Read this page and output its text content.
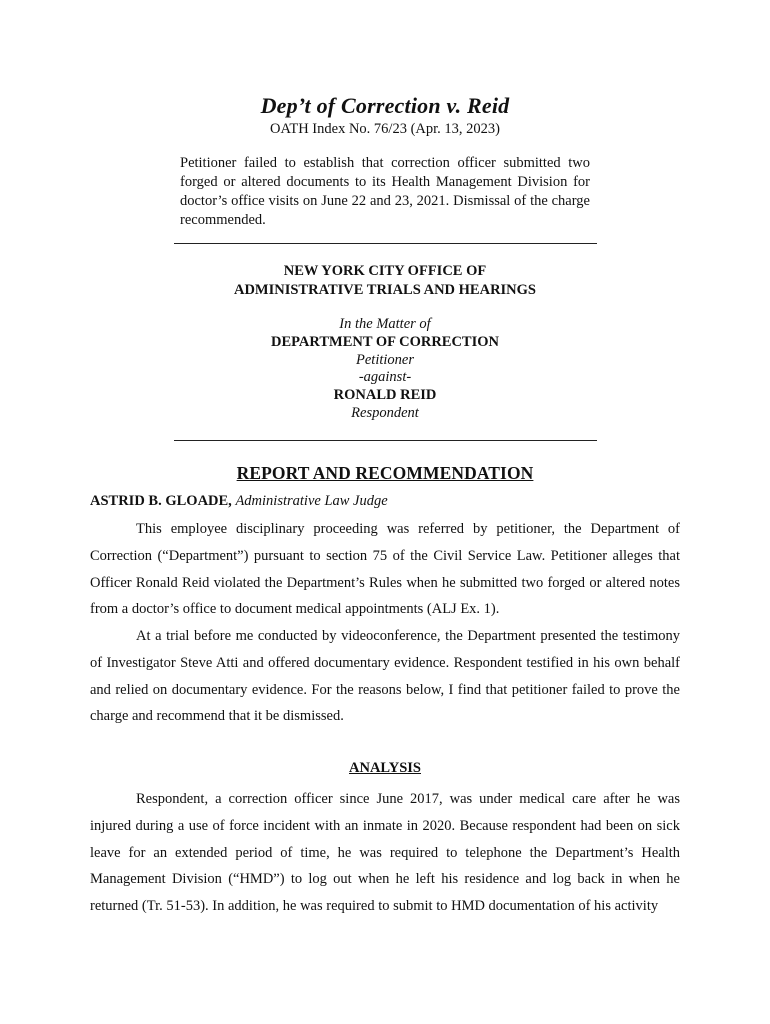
Dep’t of Correction v. Reid
OATH Index No. 76/23 (Apr. 13, 2023)
Petitioner failed to establish that correction officer submitted two forged or altered documents to its Health Management Division for doctor’s office visits on June 22 and 23, 2021. Dismissal of the charge recommended.
NEW YORK CITY OFFICE OF
ADMINISTRATIVE TRIALS AND HEARINGS
In the Matter of
DEPARTMENT OF CORRECTION
Petitioner
-against-
RONALD REID
Respondent
REPORT AND RECOMMENDATION
ASTRID B. GLOADE, Administrative Law Judge

This employee disciplinary proceeding was referred by petitioner, the Department of Correction (“Department”) pursuant to section 75 of the Civil Service Law. Petitioner alleges that Officer Ronald Reid violated the Department’s Rules when he submitted two forged or altered notes from a doctor’s office to document medical appointments (ALJ Ex. 1).

At a trial before me conducted by videoconference, the Department presented the testimony of Investigator Steve Atti and offered documentary evidence. Respondent testified in his own behalf and relied on documentary evidence. For the reasons below, I find that petitioner failed to prove the charge and recommend that it be dismissed.

ANALYSIS

Respondent, a correction officer since June 2017, was under medical care after he was injured during a use of force incident with an inmate in 2020. Because respondent had been on sick leave for an extended period of time, he was required to telephone the Department’s Health Management Division (“HMD”) to log out when he left his residence and log back in when he returned (Tr. 51-53). In addition, he was required to submit to HMD documentation of his activity
